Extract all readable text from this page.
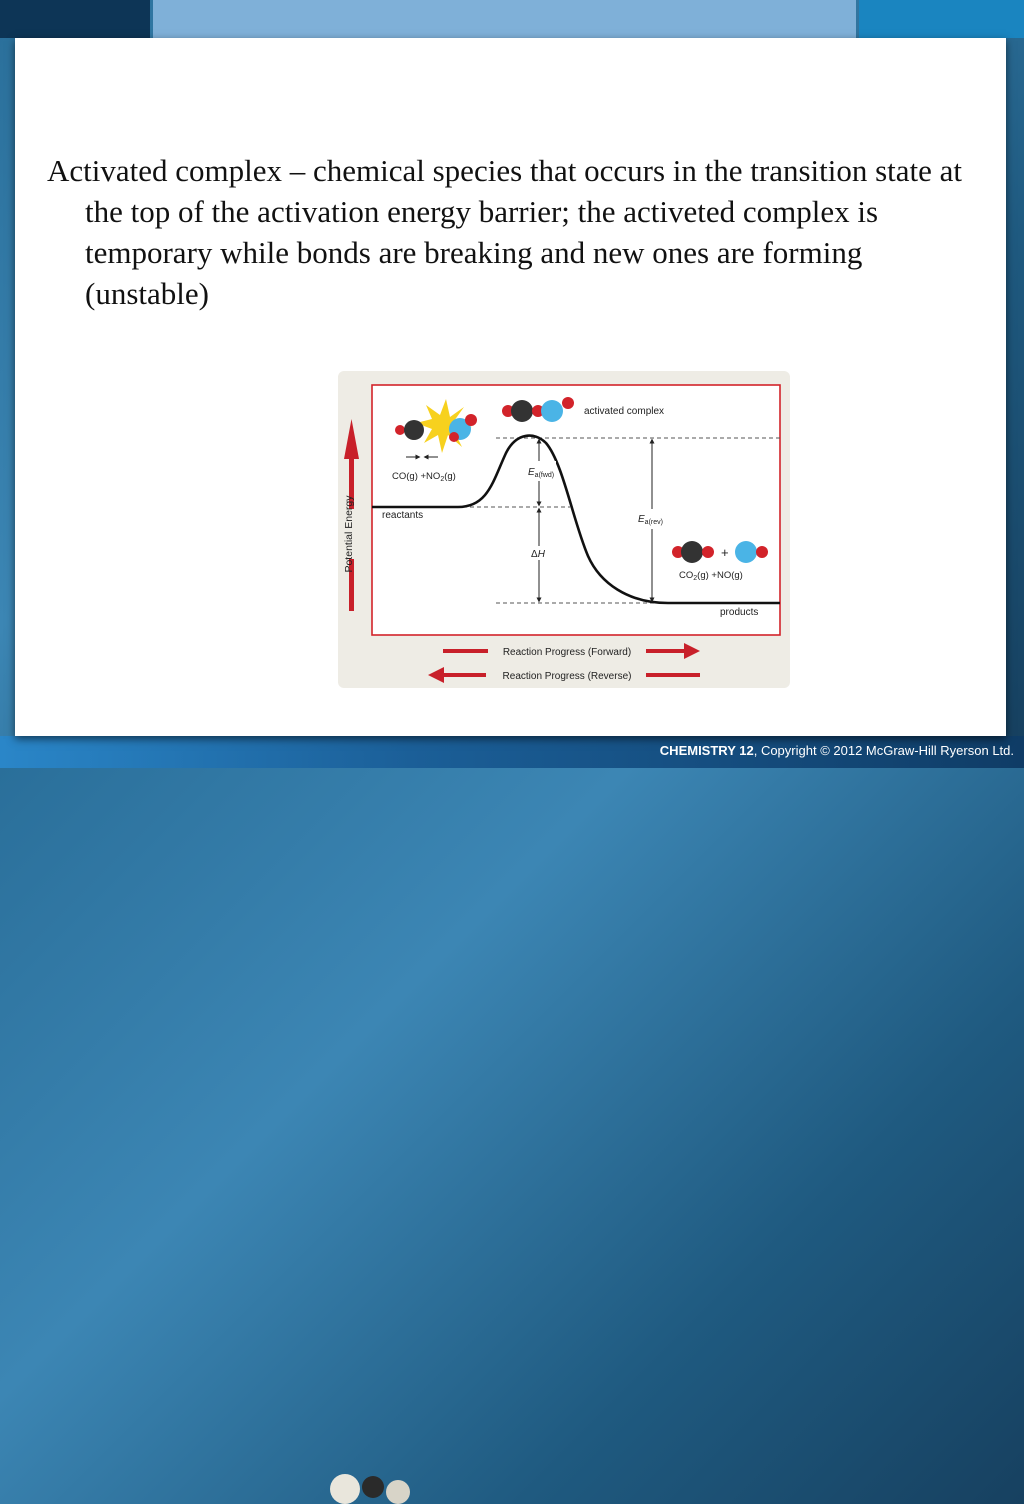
Activated complex – chemical species that occurs in the transition state at the top of the activation energy barrier; the activeted complex is temporary while bonds are breaking and new ones are forming (unstable)

Potential Energy
$E_{a(fwd)}$
ΔH
$E_{a(rev)}$
reactants
products
activated complex
$CO(g) +NO_2(g)$
+
$CO_2(g) +NO(g)$
Reaction Progress (Forward)
Reaction Progress (Reverse)
CHEMISTRY 12, Copyright © 2012 McGraw-Hill Ryerson Ltd.
